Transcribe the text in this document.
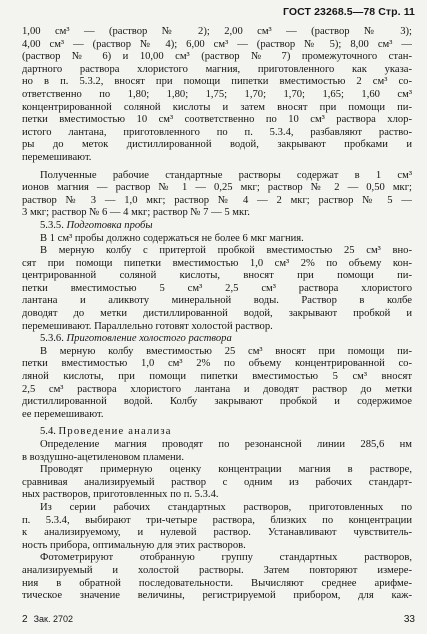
ГОСТ 23268.5—78 Стр. 11
1,00 см³ — (раствор № 2); 2,00 см³ — (раствор № 3);
4,00 см³ — (раствор № 4); 6,00 см³ — (раствор № 5); 8,00 см³ —
(раствор № 6) и 10,00 см³ (раствор № 7) промежуточного стан-
дартного раствора хлористого магния, приготовленного как указа-
но в п. 5.3.2, вносят при помощи пипетки вместимостью 2 см³ со-
ответственно по 1,80; 1,80; 1,75; 1,70; 1,70; 1,65; 1,60 см³
концентрированной соляной кислоты и затем вносят при помощи пи-
петки вместимостью 10 см³ соответственно по 10 см³ раствора хлор-
истого лантана, приготовленного по п. 5.3.4, разбавляют раство-
ры до меток дистиллированной водой, закрывают пробками и
перемешивают.
Полученные рабочие стандартные растворы содержат в 1 см³
ионов магния — раствор № 1 — 0,25 мкг; раствор № 2 — 0,50 мкг;
раствор № 3 — 1,0 мкг; раствор № 4 — 2 мкг; раствор № 5 —
3 мкг; раствор № 6 — 4 мкг; раствор № 7 — 5 мкг.
5.3.5. Подготовка пробы
В 1 см³ пробы должно содержаться не более 6 мкг магния.
В мерную колбу с притертой пробкой вместимостью 25 см³ вно-
сят при помощи пипетки вместимостью 1,0 см³ 2% по объему кон-
центрированной соляной кислоты, вносят при помощи пи-
петки вместимостью 5 см³ 2,5 см³ раствора хлористого
лантана и аликвоту минеральной воды. Раствор в колбе
доводят до метки дистиллированной водой, закрывают пробкой и
перемешивают. Параллельно готовят холостой раствор.
5.3.6. Приготовление холостого раствора
В мерную колбу вместимостью 25 см³ вносят при помощи пи-
петки вместимостью 1,0 см³ 2% по объему концентрированной со-
ляной кислоты, при помощи пипетки вместимостью 5 см³ вносят
2,5 см³ раствора хлористого лантана и доводят раствор до метки
дистиллированной водой. Колбу закрывают пробкой и содержимое
ее перемешивают.
5.4. Проведение анализа
Определение магния проводят по резонансной линии 285,6 нм
в воздушно-ацетиленовом пламени.
Проводят примерную оценку концентрации магния в растворе,
сравнивая анализируемый раствор с одним из рабочих стандарт-
ных растворов, приготовленных по п. 5.3.4.
Из серии рабочих стандартных растворов, приготовленных по
п. 5.3.4, выбирают три-четыре раствора, близких по концентрации
к анализируемому, и нулевой раствор. Устанавливают чувствитель-
ность прибора, оптимальную для этих растворов.
Фотометрируют отобранную группу стандартных растворов,
анализируемый и холостой растворы. Затем повторяют измере-
ния в обратной последовательности. Вычисляют среднее арифме-
тическое значение величины, регистрируемой прибором, для каж-
2 Зак. 2702	33
